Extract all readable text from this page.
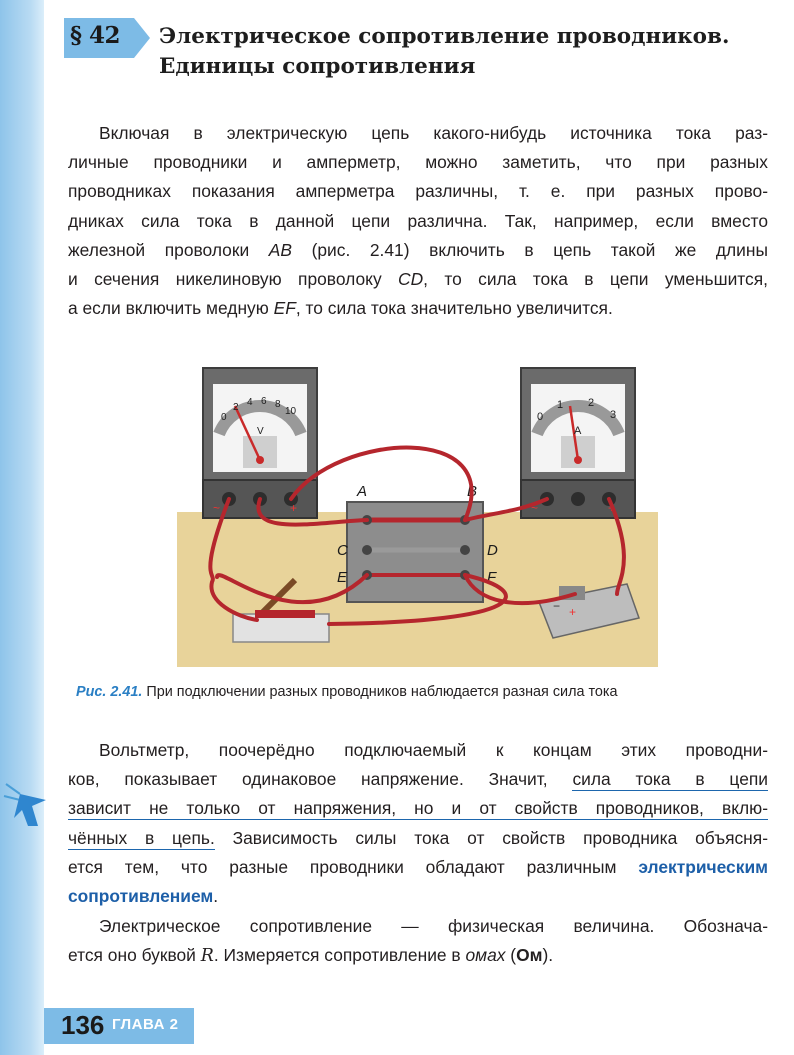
§ 42 Электрическое сопротивление проводников.
Единицы сопротивления
Включая в электрическую цепь какого-нибудь источника тока раз-
личные проводники и амперметр, можно заметить, что при разных
проводниках показания амперметра различны, т. е. при разных прово-
дниках сила тока в данной цепи различна. Так, например, если вместо
железной проволоки AB (рис. 2.41) включить в цепь такой же длины
и сечения никелиновую проволоку CD, то сила тока в цепи уменьшится,
а если включить медную EF, то сила тока значительно увеличится.
0
2 4 6 8
10
V
~	+
0
1 2
3
A
~	+
A	B
C	D
E	F
+
−
Рис. 2.41. При подключении разных проводников наблюдается разная сила тока
Вольтметр, поочерёдно подключаемый к концам этих проводни-
ков, показывает одинаковое напряжение. Значит, сила тока в цепи
зависит не только от напряжения, но и от свойств проводников, вклю-
чённых в цепь. Зависимость силы тока от свойств проводника объясня-
ется тем, что разные проводники обладают различным электрическим
сопротивлением.
Электрическое сопротивление — физическая величина. Обознача-
ется оно буквой R. Измеряется сопротивление в омах (Ом).
136 ГЛАВА 2
